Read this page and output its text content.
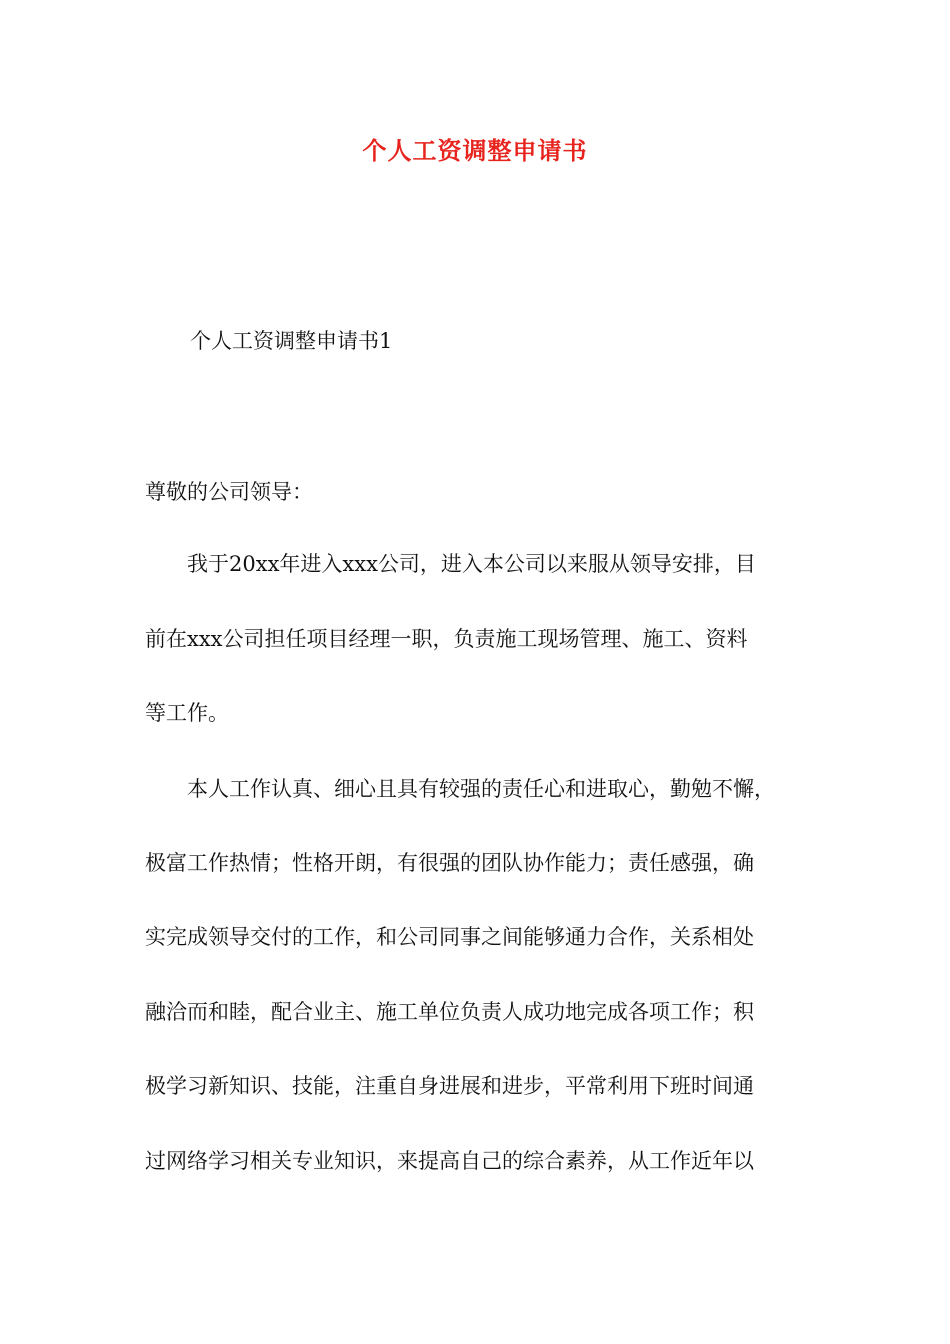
个人工资调整申请书
个人工资调整申请书1
尊敬的公司领导：
　　我于20xx年进入xxx公司，进入本公司以来服从领导安排，目
前在xxx公司担任项目经理一职，负责施工现场管理、施工、资料
等工作。
　　本人工作认真、细心且具有较强的责任心和进取心，勤勉不懈，
极富工作热情；性格开朗，有很强的团队协作能力；责任感强，确
实完成领导交付的工作，和公司同事之间能够通力合作，关系相处
融洽而和睦，配合业主、施工单位负责人成功地完成各项工作；积
极学习新知识、技能，注重自身进展和进步，平常利用下班时间通
过网络学习相关专业知识，来提高自己的综合素养，从工作近年以
